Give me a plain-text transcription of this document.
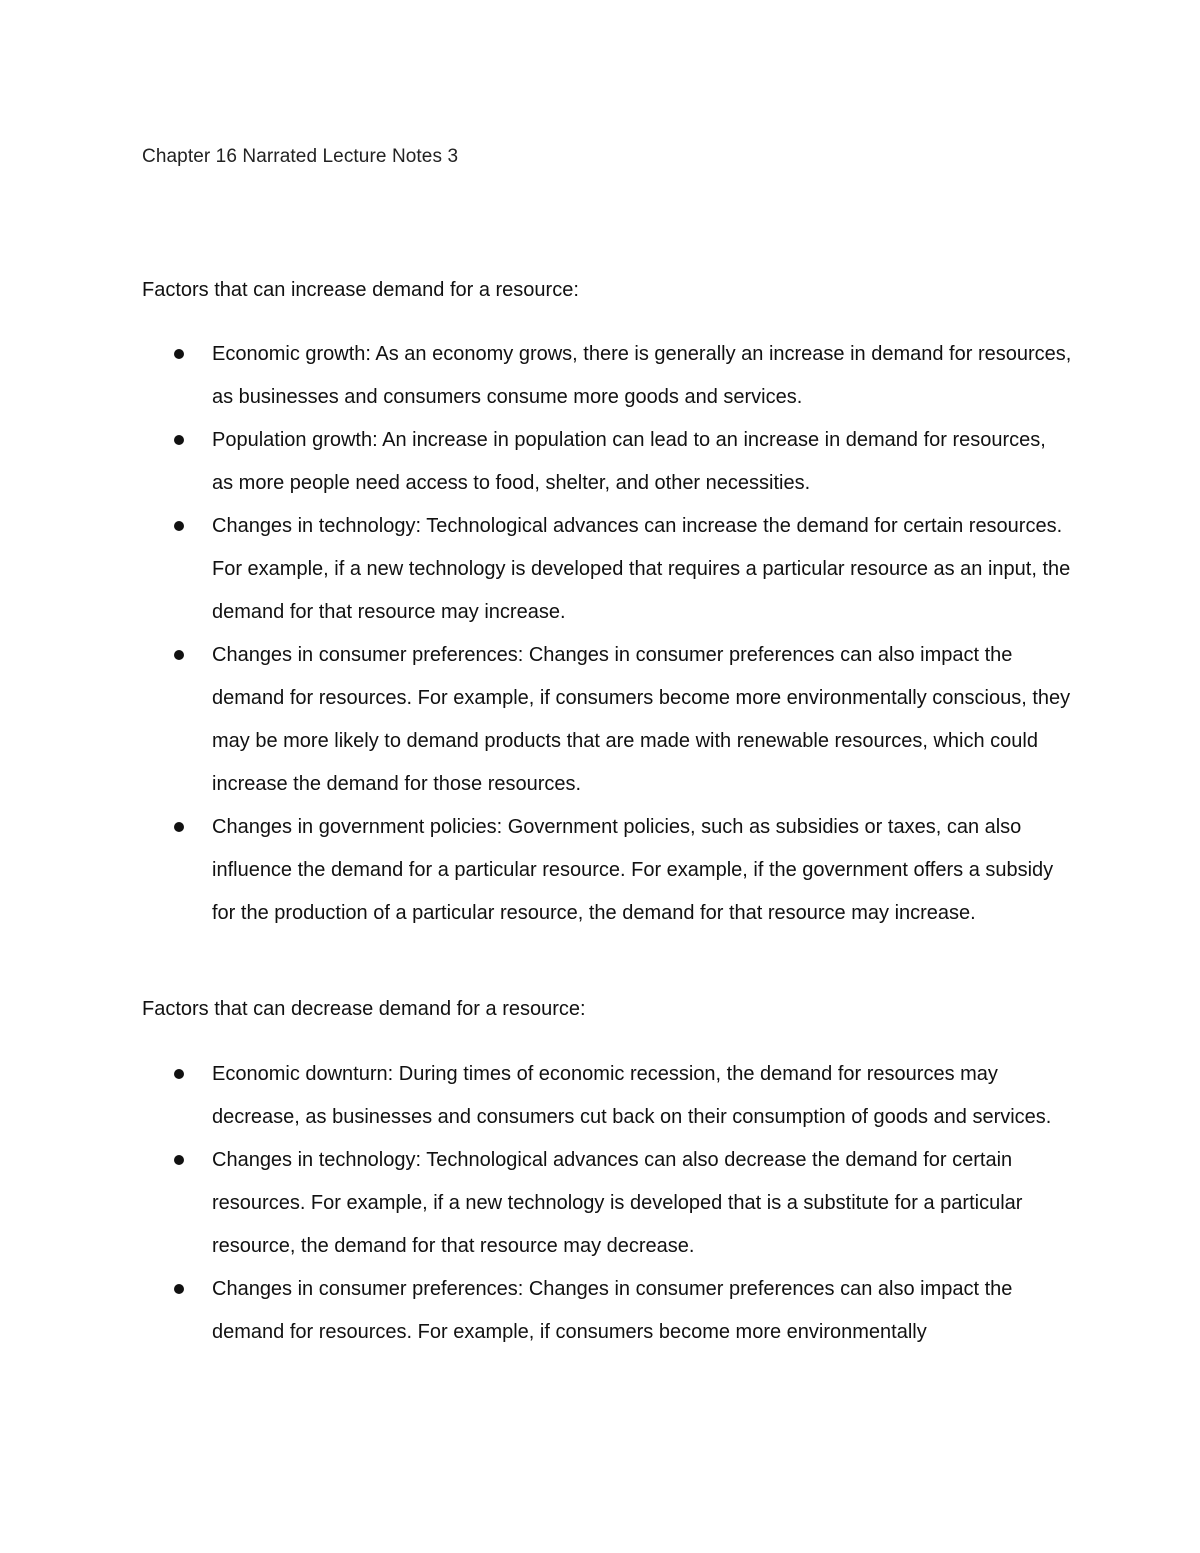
Chapter 16 Narrated Lecture Notes 3
Factors that can increase demand for a resource:
Economic growth: As an economy grows, there is generally an increase in demand for resources, as businesses and consumers consume more goods and services.
Population growth: An increase in population can lead to an increase in demand for resources, as more people need access to food, shelter, and other necessities.
Changes in technology: Technological advances can increase the demand for certain resources. For example, if a new technology is developed that requires a particular resource as an input, the demand for that resource may increase.
Changes in consumer preferences: Changes in consumer preferences can also impact the demand for resources. For example, if consumers become more environmentally conscious, they may be more likely to demand products that are made with renewable resources, which could increase the demand for those resources.
Changes in government policies: Government policies, such as subsidies or taxes, can also influence the demand for a particular resource. For example, if the government offers a subsidy for the production of a particular resource, the demand for that resource may increase.
Factors that can decrease demand for a resource:
Economic downturn: During times of economic recession, the demand for resources may decrease, as businesses and consumers cut back on their consumption of goods and services.
Changes in technology: Technological advances can also decrease the demand for certain resources. For example, if a new technology is developed that is a substitute for a particular resource, the demand for that resource may decrease.
Changes in consumer preferences: Changes in consumer preferences can also impact the demand for resources. For example, if consumers become more environmentally
